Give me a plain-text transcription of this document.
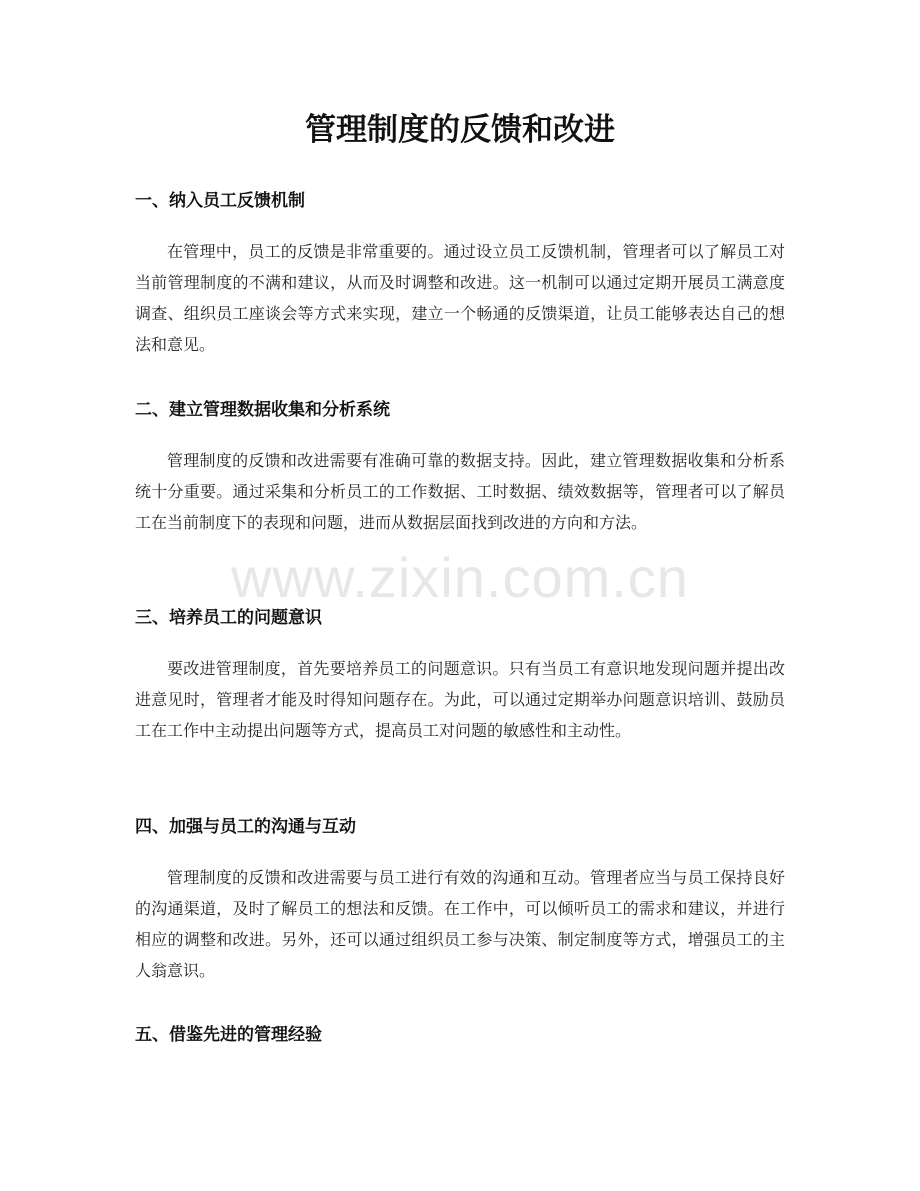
管理制度的反馈和改进
一、纳入员工反馈机制

在管理中，员工的反馈是非常重要的。通过设立员工反馈机制，管理者可以了解员工对当前管理制度的不满和建议，从而及时调整和改进。这一机制可以通过定期开展员工满意度调查、组织员工座谈会等方式来实现，建立一个畅通的反馈渠道，让员工能够表达自己的想法和意见。

二、建立管理数据收集和分析系统

管理制度的反馈和改进需要有准确可靠的数据支持。因此，建立管理数据收集和分析系统十分重要。通过采集和分析员工的工作数据、工时数据、绩效数据等，管理者可以了解员工在当前制度下的表现和问题，进而从数据层面找到改进的方向和方法。

三、培养员工的问题意识

要改进管理制度，首先要培养员工的问题意识。只有当员工有意识地发现问题并提出改进意见时，管理者才能及时得知问题存在。为此，可以通过定期举办问题意识培训、鼓励员工在工作中主动提出问题等方式，提高员工对问题的敏感性和主动性。

四、加强与员工的沟通与互动

管理制度的反馈和改进需要与员工进行有效的沟通和互动。管理者应当与员工保持良好的沟通渠道，及时了解员工的想法和反馈。在工作中，可以倾听员工的需求和建议，并进行相应的调整和改进。另外，还可以通过组织员工参与决策、制定制度等方式，增强员工的主人翁意识。

五、借鉴先进的管理经验
www.zixin.com.cn
